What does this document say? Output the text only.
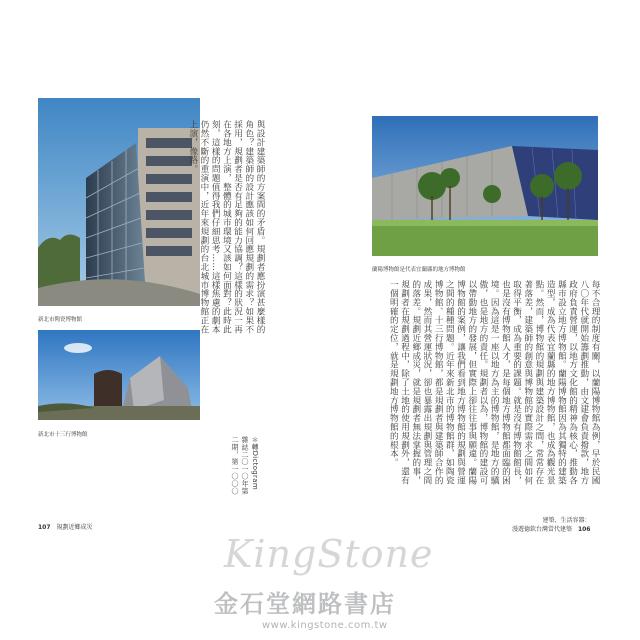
新北市陶瓷博物館
新北市十三行博物館
與設計建築師的方案間的矛盾。規劃者應扮演甚麼樣的角色？建築師的設計應該如何回應規劃的需求？如果不採用，規劃者是否有足夠的能力協調？這樣的狀況一再在各地方上演，整體的城市環境又該如何面對？此時此刻，這樣的問題值得我們仔細思考……這樣焦慮的劇本仍然不斷的重演中，近年來規劃的台北城市博物館正在上演，像路。
＊轉Dictogram 雜誌二〇一〇年第二期，第一〇〇〇
107 規劃近鄉成災
蘭陽博物館是代表宜蘭縣的地方博物館
每不合理的制度有關，以蘭陽博物館為例，早於民國八〇年代就開始籌劃推動，由文建會負責撥款，地方政府負責營運，以地方文化館的精神為核心，推動各縣市設立地方博物館。蘭陽博物館因為其獨特的建築造型，成為代表宜蘭縣的地方博物館，也成為觀光景點。然而，博物館的規劃與建築設計之間，常常存在著落差，建築師的創意與博物館的實際需求之間如何取得平衡，成為重要的課題。就是沒有博物館館長，也是沒有博物館人才，是每個地方博物館都面臨的困境。因為這是一座以地方為主的博物館，是地方的驕傲，也是地方的責任。規劃者以為，博物館的建設可以帶動地方的發展，但實際上卻往往事與願違。蘭陽博物館的案例，讓我們看到地方博物館的規劃與營運之間的種種問題。近年來新北市的博物館群，如陶瓷博物館、十三行博物館，都是規劃者與建築師合作的成果，然而其營運狀況，卻也暴露出規劃與管理之間的落差。規劃近鄉成災，就是規劃者無法掌握的事，規劃者在規劃過程中，除了土地的使用規劃外，還有一個明確的定位，就是規劃地方博物館的根本。
建築、生活容器：
漫遊德欽台灣當代建築 106
KingStone
金石堂網路書店
www.kingstone.com.tw
